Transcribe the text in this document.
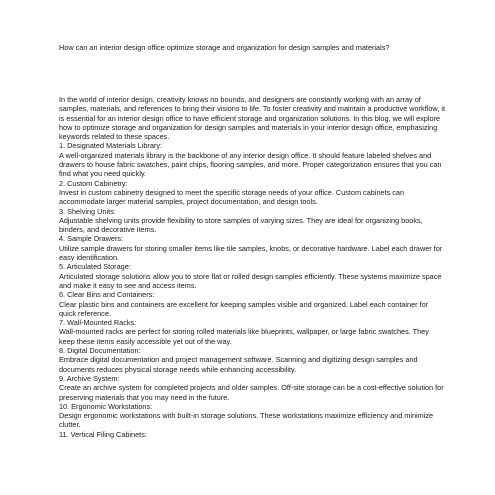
How can an interior design office optimize storage and organization for design samples and materials?

In the world of interior design, creativity knows no bounds, and designers are constantly working with an array of samples, materials, and references to bring their visions to life. To foster creativity and maintain a productive workflow, it is essential for an interior design office to have efficient storage and organization solutions. In this blog, we will explore how to optimize storage and organization for design samples and materials in your interior design office, emphasizing keywords related to these spaces.

1. Designated Materials Library:
A well-organized materials library is the backbone of any interior design office. It should feature labeled shelves and drawers to house fabric swatches, paint chips, flooring samples, and more. Proper categorization ensures that you can find what you need quickly.
2. Custom Cabinetry:
Invest in custom cabinetry designed to meet the specific storage needs of your office. Custom cabinets can accommodate larger material samples, project documentation, and design tools.
3. Shelving Units:
Adjustable shelving units provide flexibility to store samples of varying sizes. They are ideal for organizing books, binders, and decorative items.
4. Sample Drawers:
Utilize sample drawers for storing smaller items like tile samples, knobs, or decorative hardware. Label each drawer for easy identification.
5. Articulated Storage:
Articulated storage solutions allow you to store flat or rolled design samples efficiently. These systems maximize space and make it easy to see and access items.
6. Clear Bins and Containers:
Clear plastic bins and containers are excellent for keeping samples visible and organized. Label each container for quick reference.
7. Wall-Mounted Racks:
Wall-mounted racks are perfect for storing rolled materials like blueprints, wallpaper, or large fabric swatches. They keep these items easily accessible yet out of the way.
8. Digital Documentation:
Embrace digital documentation and project management software. Scanning and digitizing design samples and documents reduces physical storage needs while enhancing accessibility.
9. Archive System:
Create an archive system for completed projects and older samples. Off-site storage can be a cost-effective solution for preserving materials that you may need in the future.
10. Ergonomic Workstations:
Design ergonomic workstations with built-in storage solutions. These workstations maximize efficiency and minimize clutter.
11. Vertical Filing Cabinets:
